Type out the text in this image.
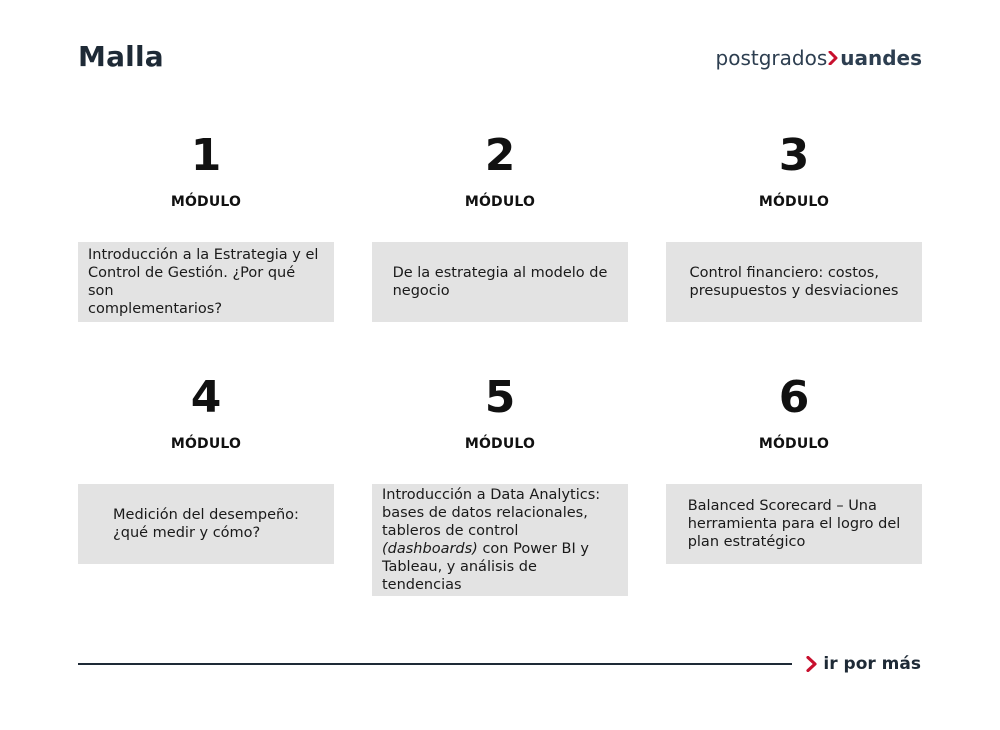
Malla	postgrados uandes
1
MÓDULO
Introducción a la Estrategia y el
Control de Gestión. ¿Por qué son
complementarios?
2
MÓDULO
De la estrategia al modelo de
negocio
3
MÓDULO
Control financiero: costos,
presupuestos y desviaciones
4
MÓDULO
Medición del desempeño:
¿qué medir y cómo?
5
MÓDULO
Introducción a Data Analytics:
bases de datos relacionales,
tableros de control
(dashboards) con Power BI y
Tableau, y análisis de tendencias
6
MÓDULO
Balanced Scorecard – Una
herramienta para el logro del
plan estratégico
ir por más
